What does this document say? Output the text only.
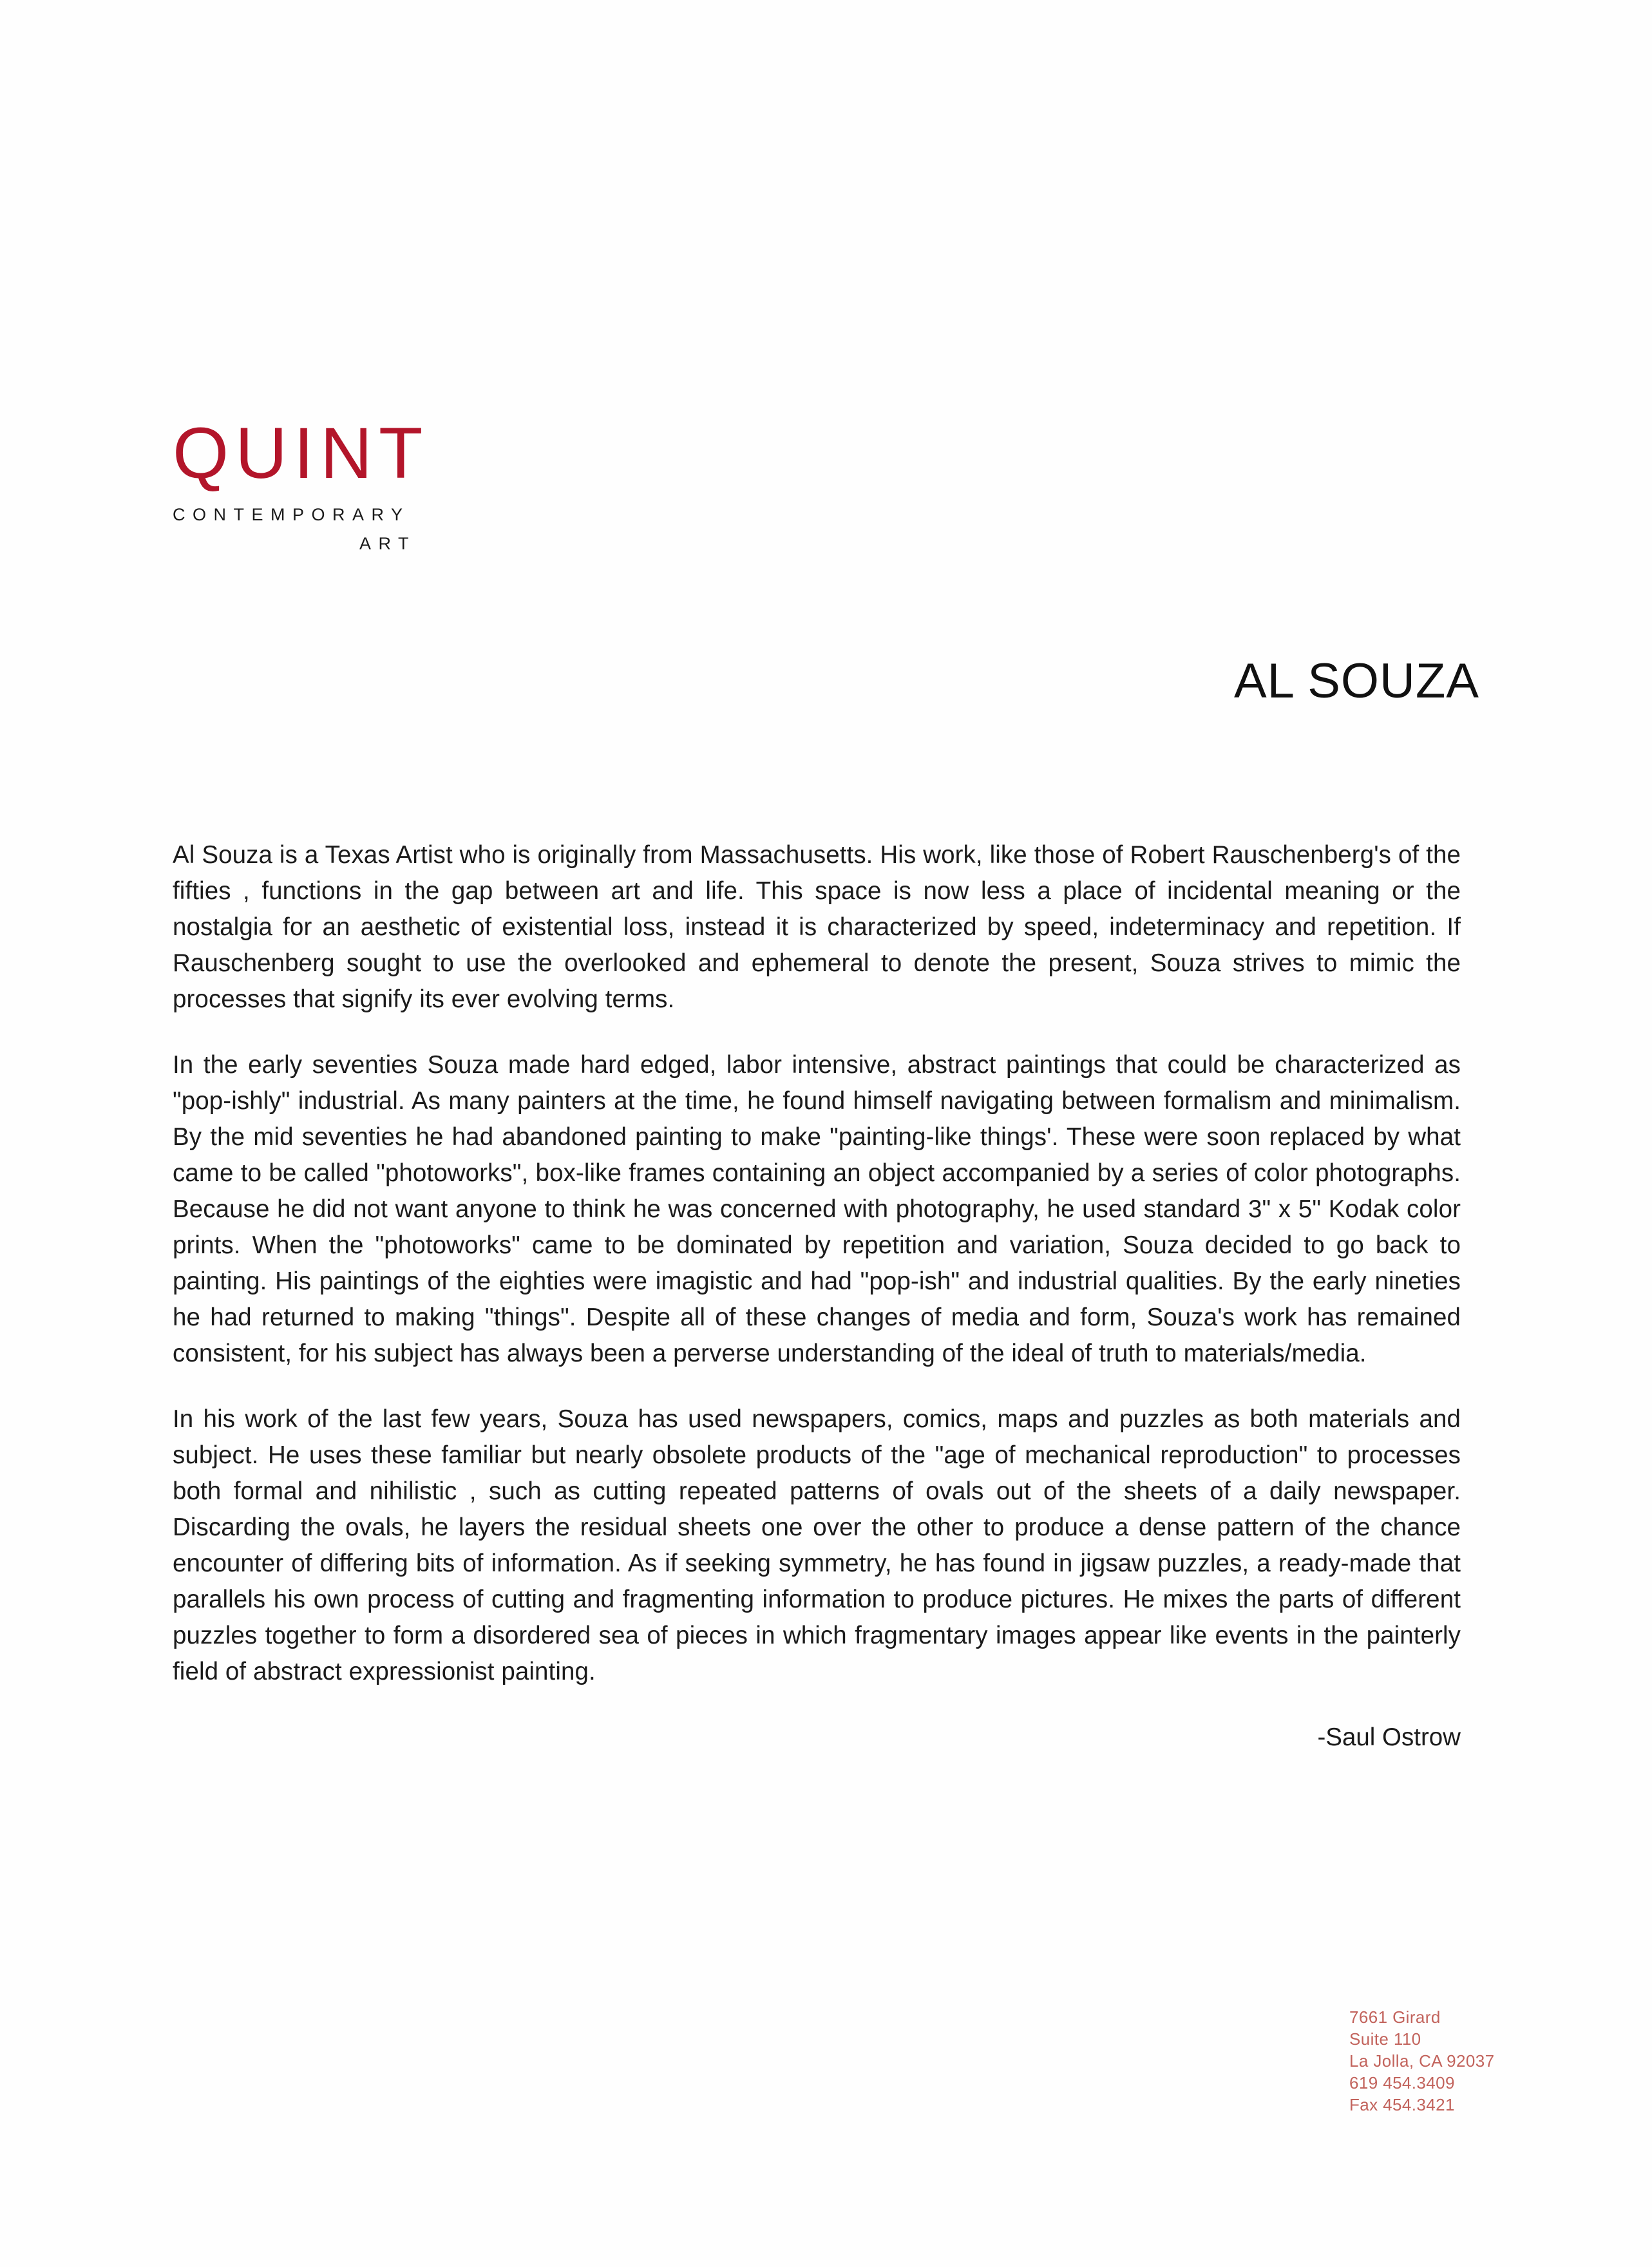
QUINT
CONTEMPORARY
ART
AL SOUZA

Al Souza is a Texas Artist who is originally from Massachusetts. His work, like those of Robert Rauschenberg's of the fifties , functions in the gap between art and life. This space is now less a place of incidental meaning or the nostalgia for an aesthetic of existential loss, instead it is characterized by speed, indeterminacy and repetition. If Rauschenberg sought to use the overlooked and ephemeral to denote the present, Souza strives to mimic the processes that signify its ever evolving terms.

In the early seventies Souza made hard edged, labor intensive, abstract paintings that could be characterized as "pop-ishly" industrial. As many painters at the time, he found himself navigating between formalism and minimalism. By the mid seventies he had abandoned painting to make "painting-like things'. These were soon replaced by what came to be called "photoworks", box-like frames containing an object accompanied by a series of color photographs. Because he did not want anyone to think he was concerned with photography, he used standard 3" x 5" Kodak color prints. When the "photoworks" came to be dominated by repetition and variation, Souza decided to go back to painting. His paintings of the eighties were imagistic and had "pop-ish" and industrial qualities. By the early nineties he had returned to making "things". Despite all of these changes of media and form, Souza's work has remained consistent, for his subject has always been a perverse understanding of the ideal of truth to materials/media.

In his work of the last few years, Souza has used newspapers, comics, maps and puzzles as both materials and subject. He uses these familiar but nearly obsolete products of the "age of mechanical reproduction" to processes both formal and nihilistic , such as cutting repeated patterns of ovals out of the sheets of a daily newspaper. Discarding the ovals, he layers the residual sheets one over the other to produce a dense pattern of the chance encounter of differing bits of information. As if seeking symmetry, he has found in jigsaw puzzles, a ready-made that parallels his own process of cutting and fragmenting information to produce pictures. He mixes the parts of different puzzles together to form a disordered sea of pieces in which fragmentary images appear like events in the painterly field of abstract expressionist painting.

-Saul Ostrow

7661 Girard
Suite 110
La Jolla, CA 92037
619 454.3409
Fax 454.3421
